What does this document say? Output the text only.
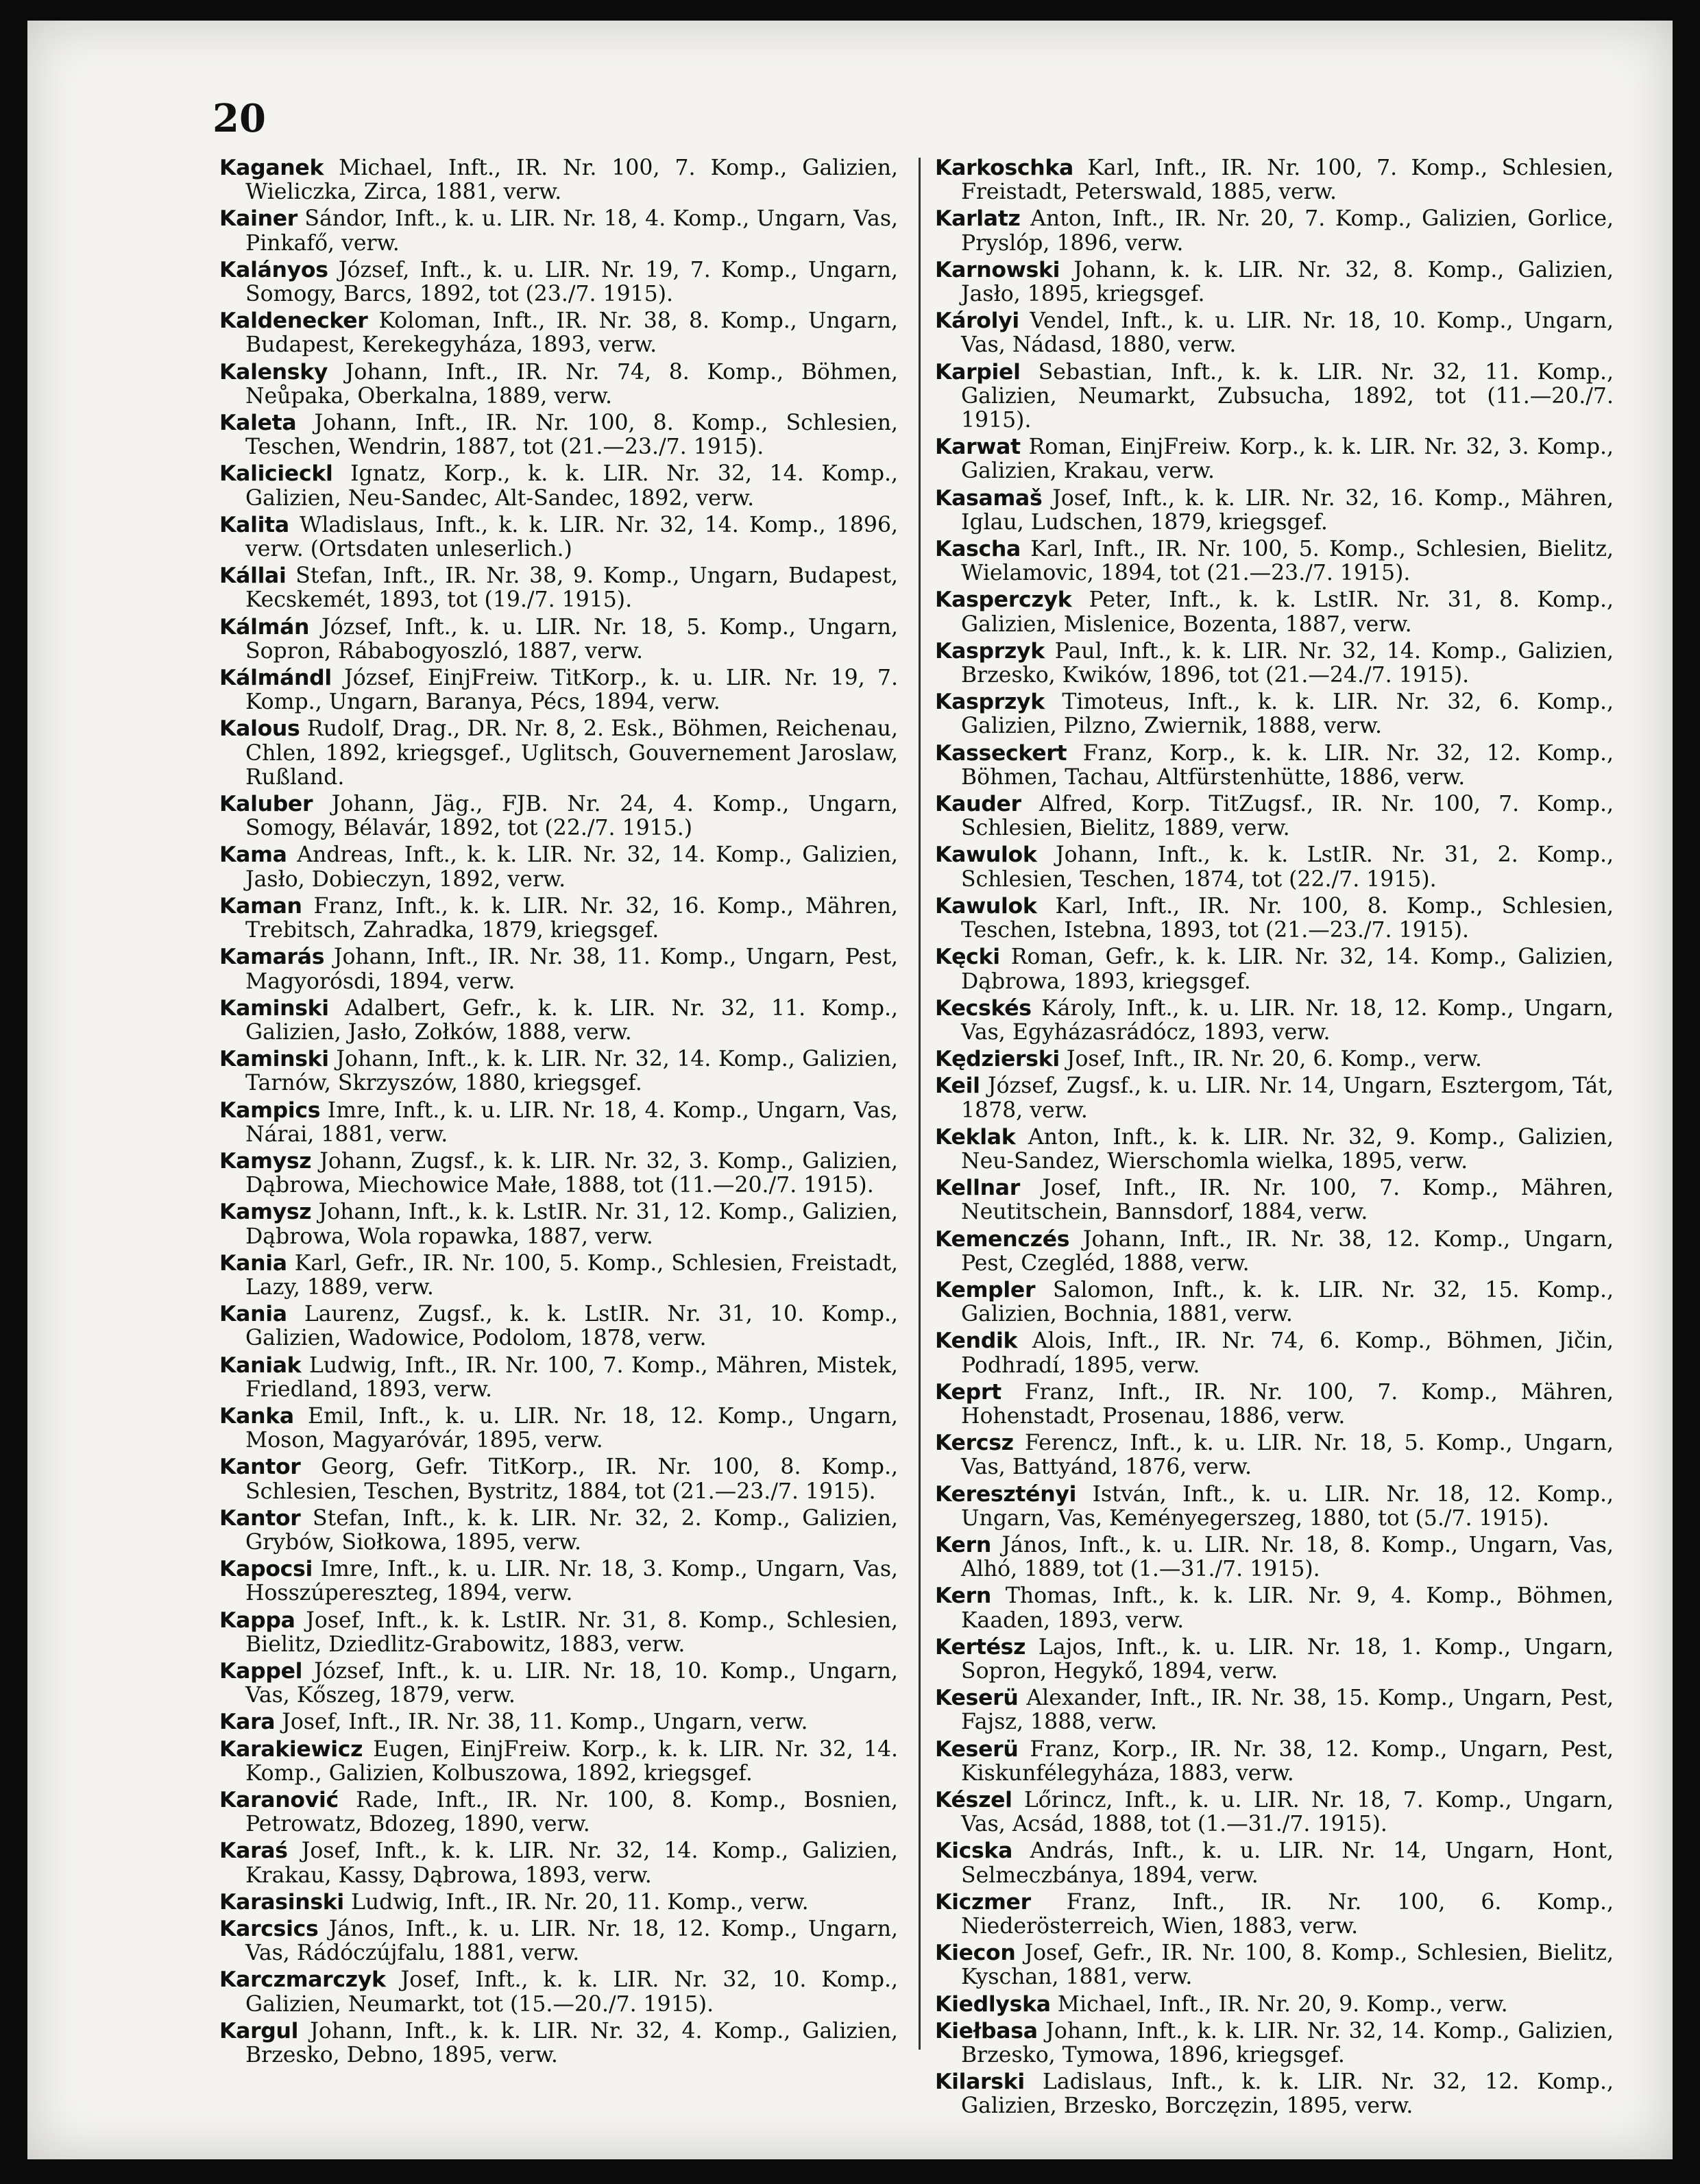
20

Kaganek Michael, Inft., IR. Nr. 100, 7. Komp., Galizien, Wieliczka, Zirca, 1881, verw.

Kainer Sándor, Inft., k. u. LIR. Nr. 18, 4. Komp., Ungarn, Vas, Pinkafő, verw.

Kalányos József, Inft., k. u. LIR. Nr. 19, 7. Komp., Ungarn, Somogy, Barcs, 1892, tot (23./7. 1915).

Kaldenecker Koloman, Inft., IR. Nr. 38, 8. Komp., Ungarn, Budapest, Kerekegyháza, 1893, verw.

Kalensky Johann, Inft., IR. Nr. 74, 8. Komp., Böhmen, Neůpaka, Oberkalna, 1889, verw.

Kaleta Johann, Inft., IR. Nr. 100, 8. Komp., Schlesien, Teschen, Wendrin, 1887, tot (21.—23./7. 1915).

Kalicieckl Ignatz, Korp., k. k. LIR. Nr. 32, 14. Komp., Galizien, Neu-Sandec, Alt-Sandec, 1892, verw.

Kalita Wladislaus, Inft., k. k. LIR. Nr. 32, 14. Komp., 1896, verw. (Ortsdaten unleserlich.)

Kállai Stefan, Inft., IR. Nr. 38, 9. Komp., Ungarn, Budapest, Kecskemét, 1893, tot (19./7. 1915).

Kálmán József, Inft., k. u. LIR. Nr. 18, 5. Komp., Ungarn, Sopron, Rábabogyoszló, 1887, verw.

Kálmándl József, EinjFreiw. TitKorp., k. u. LIR. Nr. 19, 7. Komp., Ungarn, Baranya, Pécs, 1894, verw.

Kalous Rudolf, Drag., DR. Nr. 8, 2. Esk., Böhmen, Reichenau, Chlen, 1892, kriegsgef., Uglitsch, Gouvernement Jaroslaw, Rußland.

Kaluber Johann, Jäg., FJB. Nr. 24, 4. Komp., Ungarn, Somogy, Bélavár, 1892, tot (22./7. 1915.)

Kama Andreas, Inft., k. k. LIR. Nr. 32, 14. Komp., Galizien, Jasło, Dobieczyn, 1892, verw.

Kaman Franz, Inft., k. k. LIR. Nr. 32, 16. Komp., Mähren, Trebitsch, Zahradka, 1879, kriegsgef.

Kamarás Johann, Inft., IR. Nr. 38, 11. Komp., Ungarn, Pest, Magyorósdi, 1894, verw.

Kaminski Adalbert, Gefr., k. k. LIR. Nr. 32, 11. Komp., Galizien, Jasło, Zołków, 1888, verw.

Kaminski Johann, Inft., k. k. LIR. Nr. 32, 14. Komp., Galizien, Tarnów, Skrzyszów, 1880, kriegsgef.

Kampics Imre, Inft., k. u. LIR. Nr. 18, 4. Komp., Ungarn, Vas, Nárai, 1881, verw.

Kamysz Johann, Zugsf., k. k. LIR. Nr. 32, 3. Komp., Galizien, Dąbrowa, Miechowice Małe, 1888, tot (11.—20./7. 1915).

Kamysz Johann, Inft., k. k. LstIR. Nr. 31, 12. Komp., Galizien, Dąbrowa, Wola ropawka, 1887, verw.

Kania Karl, Gefr., IR. Nr. 100, 5. Komp., Schlesien, Freistadt, Lazy, 1889, verw.

Kania Laurenz, Zugsf., k. k. LstIR. Nr. 31, 10. Komp., Galizien, Wadowice, Podolom, 1878, verw.

Kaniak Ludwig, Inft., IR. Nr. 100, 7. Komp., Mähren, Mistek, Friedland, 1893, verw.

Kanka Emil, Inft., k. u. LIR. Nr. 18, 12. Komp., Ungarn, Moson, Magyaróvár, 1895, verw.

Kantor Georg, Gefr. TitKorp., IR. Nr. 100, 8. Komp., Schlesien, Teschen, Bystritz, 1884, tot (21.—23./7. 1915).

Kantor Stefan, Inft., k. k. LIR. Nr. 32, 2. Komp., Galizien, Grybów, Siołkowa, 1895, verw.

Kapocsi Imre, Inft., k. u. LIR. Nr. 18, 3. Komp., Ungarn, Vas, Hosszúpereszteg, 1894, verw.

Kappa Josef, Inft., k. k. LstIR. Nr. 31, 8. Komp., Schlesien, Bielitz, Dziedlitz-Grabowitz, 1883, verw.

Kappel József, Inft., k. u. LIR. Nr. 18, 10. Komp., Ungarn, Vas, Kőszeg, 1879, verw.

Kara Josef, Inft., IR. Nr. 38, 11. Komp., Ungarn, verw.

Karakiewicz Eugen, EinjFreiw. Korp., k. k. LIR. Nr. 32, 14. Komp., Galizien, Kolbuszowa, 1892, kriegsgef.

Karanović Rade, Inft., IR. Nr. 100, 8. Komp., Bosnien, Petrowatz, Bdozeg, 1890, verw.

Karaś Josef, Inft., k. k. LIR. Nr. 32, 14. Komp., Galizien, Krakau, Kassy, Dąbrowa, 1893, verw.

Karasinski Ludwig, Inft., IR. Nr. 20, 11. Komp., verw.

Karcsics János, Inft., k. u. LIR. Nr. 18, 12. Komp., Ungarn, Vas, Rádóczújfalu, 1881, verw.

Karczmarczyk Josef, Inft., k. k. LIR. Nr. 32, 10. Komp., Galizien, Neumarkt, tot (15.—20./7. 1915).

Kargul Johann, Inft., k. k. LIR. Nr. 32, 4. Komp., Galizien, Brzesko, Debno, 1895, verw.

Karkoschka Karl, Inft., IR. Nr. 100, 7. Komp., Schlesien, Freistadt, Peterswald, 1885, verw.

Karlatz Anton, Inft., IR. Nr. 20, 7. Komp., Galizien, Gorlice, Pryslóp, 1896, verw.

Karnowski Johann, k. k. LIR. Nr. 32, 8. Komp., Galizien, Jasło, 1895, kriegsgef.

Károlyi Vendel, Inft., k. u. LIR. Nr. 18, 10. Komp., Ungarn, Vas, Nádasd, 1880, verw.

Karpiel Sebastian, Inft., k. k. LIR. Nr. 32, 11. Komp., Galizien, Neumarkt, Zubsucha, 1892, tot (11.—20./7. 1915).

Karwat Roman, EinjFreiw. Korp., k. k. LIR. Nr. 32, 3. Komp., Galizien, Krakau, verw.

Kasamaš Josef, Inft., k. k. LIR. Nr. 32, 16. Komp., Mähren, Iglau, Ludschen, 1879, kriegsgef.

Kascha Karl, Inft., IR. Nr. 100, 5. Komp., Schlesien, Bielitz, Wielamovic, 1894, tot (21.—23./7. 1915).

Kasperczyk Peter, Inft., k. k. LstIR. Nr. 31, 8. Komp., Galizien, Mislenice, Bozenta, 1887, verw.

Kasprzyk Paul, Inft., k. k. LIR. Nr. 32, 14. Komp., Galizien, Brzesko, Kwików, 1896, tot (21.—24./7. 1915).

Kasprzyk Timoteus, Inft., k. k. LIR. Nr. 32, 6. Komp., Galizien, Pilzno, Zwiernik, 1888, verw.

Kasseckert Franz, Korp., k. k. LIR. Nr. 32, 12. Komp., Böhmen, Tachau, Altfürstenhütte, 1886, verw.

Kauder Alfred, Korp. TitZugsf., IR. Nr. 100, 7. Komp., Schlesien, Bielitz, 1889, verw.

Kawulok Johann, Inft., k. k. LstIR. Nr. 31, 2. Komp., Schlesien, Teschen, 1874, tot (22./7. 1915).

Kawulok Karl, Inft., IR. Nr. 100, 8. Komp., Schlesien, Teschen, Istebna, 1893, tot (21.—23./7. 1915).

Kęcki Roman, Gefr., k. k. LIR. Nr. 32, 14. Komp., Galizien, Dąbrowa, 1893, kriegsgef.

Kecskés Károly, Inft., k. u. LIR. Nr. 18, 12. Komp., Ungarn, Vas, Egyházasrádócz, 1893, verw.

Kędzierski Josef, Inft., IR. Nr. 20, 6. Komp., verw.

Keil József, Zugsf., k. u. LIR. Nr. 14, Ungarn, Esztergom, Tát, 1878, verw.

Keklak Anton, Inft., k. k. LIR. Nr. 32, 9. Komp., Galizien, Neu-Sandez, Wierschomla wielka, 1895, verw.

Kellnar Josef, Inft., IR. Nr. 100, 7. Komp., Mähren, Neutitschein, Bannsdorf, 1884, verw.

Kemenczés Johann, Inft., IR. Nr. 38, 12. Komp., Ungarn, Pest, Czegléd, 1888, verw.

Kempler Salomon, Inft., k. k. LIR. Nr. 32, 15. Komp., Galizien, Bochnia, 1881, verw.

Kendik Alois, Inft., IR. Nr. 74, 6. Komp., Böhmen, Jičin, Podhradí, 1895, verw.

Keprt Franz, Inft., IR. Nr. 100, 7. Komp., Mähren, Hohenstadt, Prosenau, 1886, verw.

Kercsz Ferencz, Inft., k. u. LIR. Nr. 18, 5. Komp., Ungarn, Vas, Battyánd, 1876, verw.

Keresztényi István, Inft., k. u. LIR. Nr. 18, 12. Komp., Ungarn, Vas, Keményegerszeg, 1880, tot (5./7. 1915).

Kern János, Inft., k. u. LIR. Nr. 18, 8. Komp., Ungarn, Vas, Alhó, 1889, tot (1.—31./7. 1915).

Kern Thomas, Inft., k. k. LIR. Nr. 9, 4. Komp., Böhmen, Kaaden, 1893, verw.

Kertész Lajos, Inft., k. u. LIR. Nr. 18, 1. Komp., Ungarn, Sopron, Hegykő, 1894, verw.

Keserü Alexander, Inft., IR. Nr. 38, 15. Komp., Ungarn, Pest, Fajsz, 1888, verw.

Keserü Franz, Korp., IR. Nr. 38, 12. Komp., Ungarn, Pest, Kiskunfélegyháza, 1883, verw.

Készel Lőrincz, Inft., k. u. LIR. Nr. 18, 7. Komp., Ungarn, Vas, Acsád, 1888, tot (1.—31./7. 1915).

Kicska András, Inft., k. u. LIR. Nr. 14, Ungarn, Hont, Selmeczbánya, 1894, verw.

Kiczmer Franz, Inft., IR. Nr. 100, 6. Komp., Niederösterreich, Wien, 1883, verw.

Kiecon Josef, Gefr., IR. Nr. 100, 8. Komp., Schlesien, Bielitz, Kyschan, 1881, verw.

Kiedlyska Michael, Inft., IR. Nr. 20, 9. Komp., verw.

Kiełbasa Johann, Inft., k. k. LIR. Nr. 32, 14. Komp., Galizien, Brzesko, Tymowa, 1896, kriegsgef.

Kilarski Ladislaus, Inft., k. k. LIR. Nr. 32, 12. Komp., Galizien, Brzesko, Borczęzin, 1895, verw.
